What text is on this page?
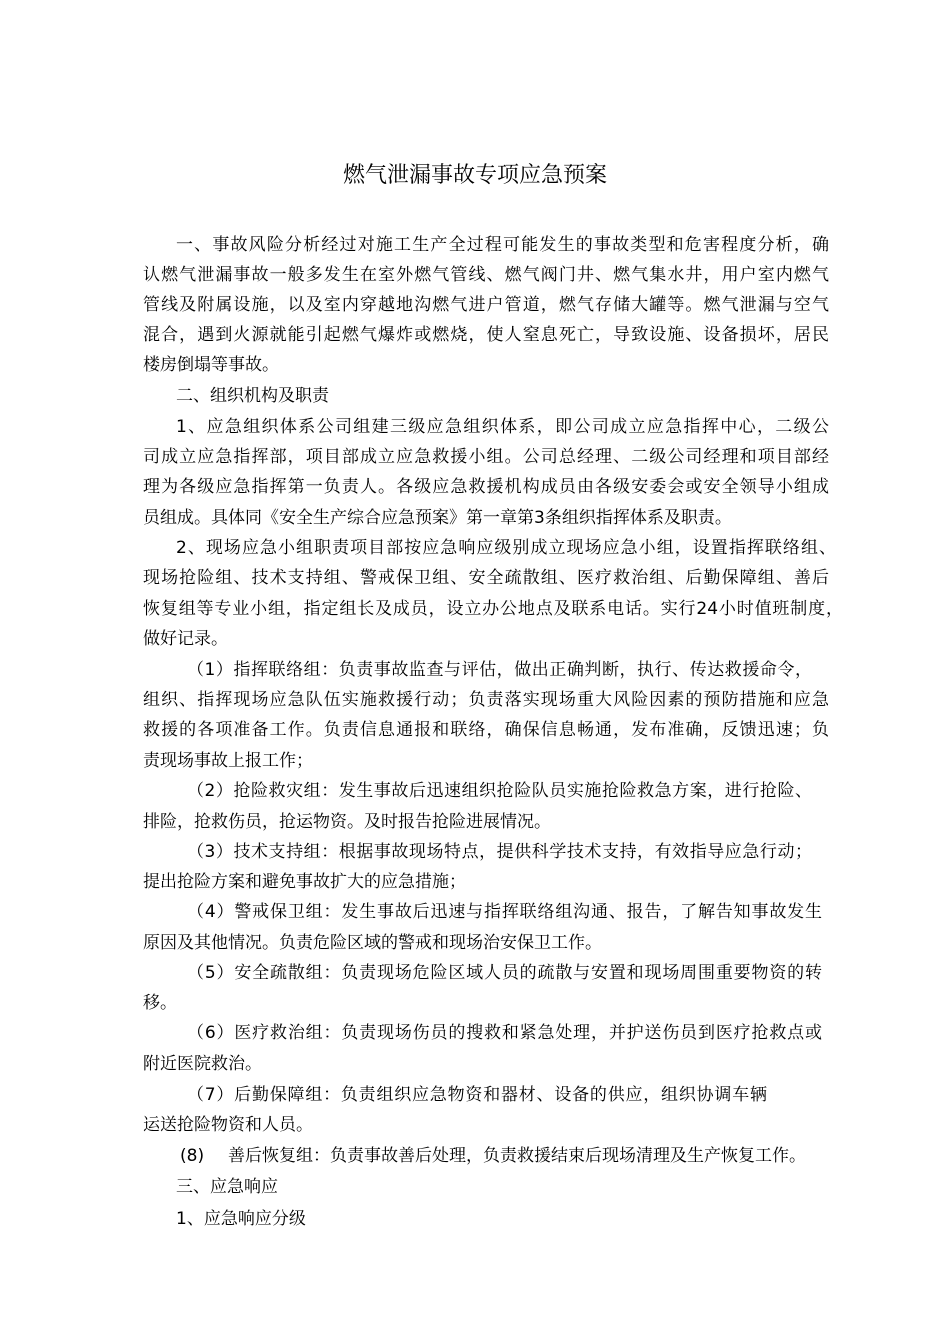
燃气泄漏事故专项应急预案
一、事故风险分析经过对施工生产全过程可能发生的事故类型和危害程度分析，确
认燃气泄漏事故一般多发生在室外燃气管线、燃气阀门井、燃气集水井，用户室内燃气
管线及附属设施，以及室内穿越地沟燃气进户管道，燃气存储大罐等。燃气泄漏与空气
混合，遇到火源就能引起燃气爆炸或燃烧，使人窒息死亡，导致设施、设备损坏，居民
楼房倒塌等事故。
二、组织机构及职责
1、应急组织体系公司组建三级应急组织体系，即公司成立应急指挥中心，二级公
司成立应急指挥部，项目部成立应急救援小组。公司总经理、二级公司经理和项目部经
理为各级应急指挥第一负责人。各级应急救援机构成员由各级安委会或安全领导小组成
员组成。具体同《安全生产综合应急预案》第一章第3条组织指挥体系及职责。
2、现场应急小组职责项目部按应急响应级别成立现场应急小组，设置指挥联络组、
现场抢险组、技术支持组、警戒保卫组、安全疏散组、医疗救治组、后勤保障组、善后
恢复组等专业小组，指定组长及成员，设立办公地点及联系电话。实行24小时值班制度，
做好记录。
（1）指挥联络组：负责事故监查与评估，做出正确判断，执行、传达救援命令，
组织、指挥现场应急队伍实施救援行动；负责落实现场重大风险因素的预防措施和应急
救援的各项准备工作。负责信息通报和联络，确保信息畅通，发布准确，反馈迅速；负
责现场事故上报工作；
（2）抢险救灾组：发生事故后迅速组织抢险队员实施抢险救急方案，进行抢险、
排险，抢救伤员，抢运物资。及时报告抢险进展情况。
（3）技术支持组：根据事故现场特点，提供科学技术支持，有效指导应急行动；
提出抢险方案和避免事故扩大的应急措施；
（4）警戒保卫组：发生事故后迅速与指挥联络组沟通、报告，了解告知事故发生
原因及其他情况。负责危险区域的警戒和现场治安保卫工作。
（5）安全疏散组：负责现场危险区域人员的疏散与安置和现场周围重要物资的转
移。
（6）医疗救治组：负责现场伤员的搜救和紧急处理，并护送伤员到医疗抢救点或
附近医院救治。
（7）后勤保障组：负责组织应急物资和器材、设备的供应，组织协调车辆
运送抢险物资和人员。
(8) 善后恢复组：负责事故善后处理，负责救援结束后现场清理及生产恢复工作。
三、应急响应
1、应急响应分级
